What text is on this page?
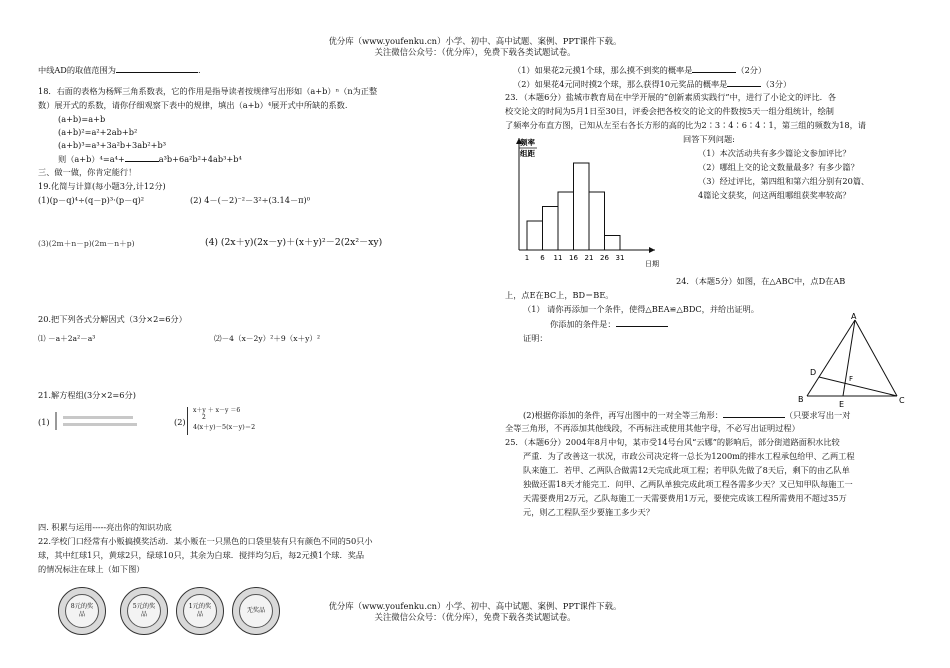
优分库（www.youfenku.cn）小学、初中、高中试题、案例、PPT课件下载。
关注微信公众号：（优分库），免费下载各类试题试卷。
中线AD的取值范围为	.
18．右面的表格为杨辉三角系数表，它的作用是指导读者按规律写出形如（a+b）ⁿ（n为正整
数）展开式的系数，请你仔细观察下表中的规律，填出（a+b）⁴展开式中所缺的系数.
(a+b)=a+b
(a+b)²=a²+2ab+b²
(a+b)³=a³+3a²b+3ab²+b³
则（a+b）⁴=a⁴+	a³b+6a²b²+4ab³+b⁴
三、做一做，你肯定能行！
19.化简与计算(每小题3分,计12分)
(1)(p－q)⁴÷(q－p)³·(p－q)²	(2) 4－(－2)⁻²－3²÷(3.14－π)⁰
(3)(2m＋n－p)(2m－n＋p)	(4) (2x＋y)(2x－y)＋(x＋y)²－2(2x²－xy)
20.把下列各式分解因式（3分×2=6分）
⑴ －a＋2a²－a³	⑵－4（x－2y）²＋9（x＋y）²
21.解方程组(3分×2=6分)
(1)	(2)
x＋y ＋ x－y ＝6
2
4(x＋y)－5(x－y)＝2
四. 积累与运用-----亮出你的知识功底
22.学校门口经常有小贩搞摸奖活动．某小贩在一只黑色的口袋里装有只有颜色不同的50只小
球，其中红球1只，黄球2只，绿球10只，其余为白球．搅拌均匀后，每2元摸1个球．奖品
的情况标注在球上（如下图）
8元的奖品
5元的奖品
1元的奖品
无奖品
（1）如果花2元摸1个球，那么摸不到奖的概率是	（2分）
（2）如果花4元同时摸2个球，那么获得10元奖品的概率是	（3分）
23．（本题6分）盐城市教育局在中学开展的“创新素质实践行”中，进行了小论文的评比．各
校交论文的时间为5月1日至30日，评委会把各校交的论文的件数按5天一组分组统计，绘制
了频率分布直方图，已知从左至右各长方形的高的比为2∶3∶4∶6∶4∶1，第三组的频数为18，请
回答下列问题:
（1）本次活动共有多少篇论文参加评比？
（2）哪组上交的论文数量最多？有多少篇？
（3）经过评比，第四组和第六组分别有20篇、
4篇论文获奖，问这两组哪组获奖率较高？
频率
组距
1 6 11 16 21 26 31
日期
24．（本题5分）如图，在△ABC中，点D在AB
上，点E在BC上，BD＝BE。
（1） 请你再添加一个条件，使得△BEA≌△BDC，并给出证明。
你添加的条件是：
证明：
A
B	C
D
E
F
(2)根据你添加的条件，再写出图中的一对全等三角形：	（只要求写出一对
全等三角形，不再添加其他线段，不再标注或使用其他字母，不必写出证明过程）
25．（本题6分）2004年8月中旬，某市受14号台风“云娜”的影响后，部分街道路面积水比较
严重．为了改善这一状况，市政公司决定将一总长为1200m的排水工程承包给甲、乙两工程
队来施工．若甲、乙两队合做需12天完成此项工程；若甲队先做了8天后，剩下的由乙队单
独做还需18天才能完工．问甲、乙两队单独完成此项工程各需多少天？又已知甲队每施工一
天需要费用2万元，乙队每施工一天需要费用1万元，要使完成该工程所需费用不超过35万
元，则乙工程队至少要施工多少天？
优分库（www.youfenku.cn）小学、初中、高中试题、案例、PPT课件下载。
关注微信公众号：（优分库），免费下载各类试题试卷。
